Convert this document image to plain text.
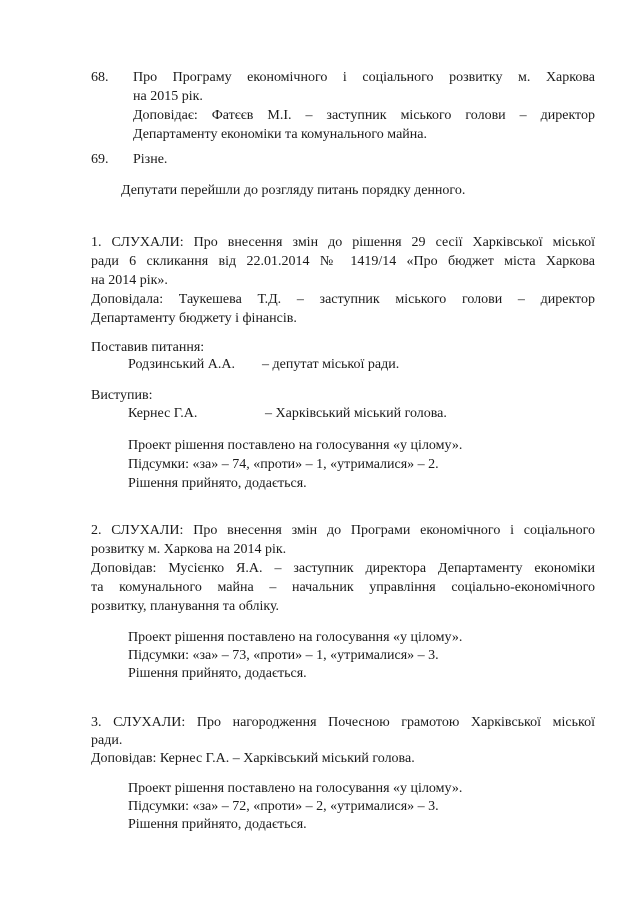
68. Про Програму економічного і соціального розвитку м. Харкова
на 2015 рік.
Доповідає: Фатєєв М.І. – заступник міського голови – директор
Департаменту економіки та комунального майна.
69. Різне.
Депутати перейшли до розгляду питань порядку денного.
1. СЛУХАЛИ: Про внесення змін до рішення 29 сесії Харківської міської
ради 6 скликання від 22.01.2014 № 1419/14 «Про бюджет міста Харкова
на 2014 рік».
Доповідала: Таукешева Т.Д. – заступник міського голови – директор
Департаменту бюджету і фінансів.
Поставив питання:
Родзинський А.А. – депутат міської ради.
Виступив:
Кернес Г.А.	– Харківський міський голова.
Проект рішення поставлено на голосування «у цілому».
Підсумки: «за» – 74, «проти» – 1, «утрималися» – 2.
Рішення прийнято, додається.
2. СЛУХАЛИ: Про внесення змін до Програми економічного і соціального
розвитку м. Харкова на 2014 рік.
Доповідав: Мусієнко Я.А. – заступник директора Департаменту економіки
та комунального майна – начальник управління соціально-економічного
розвитку, планування та обліку.
Проект рішення поставлено на голосування «у цілому».
Підсумки: «за» – 73, «проти» – 1, «утрималися» – 3.
Рішення прийнято, додається.
3. СЛУХАЛИ: Про нагородження Почесною грамотою Харківської міської
ради.
Доповідав: Кернес Г.А. – Харківський міський голова.
Проект рішення поставлено на голосування «у цілому».
Підсумки: «за» – 72, «проти» – 2, «утрималися» – 3.
Рішення прийнято, додається.
